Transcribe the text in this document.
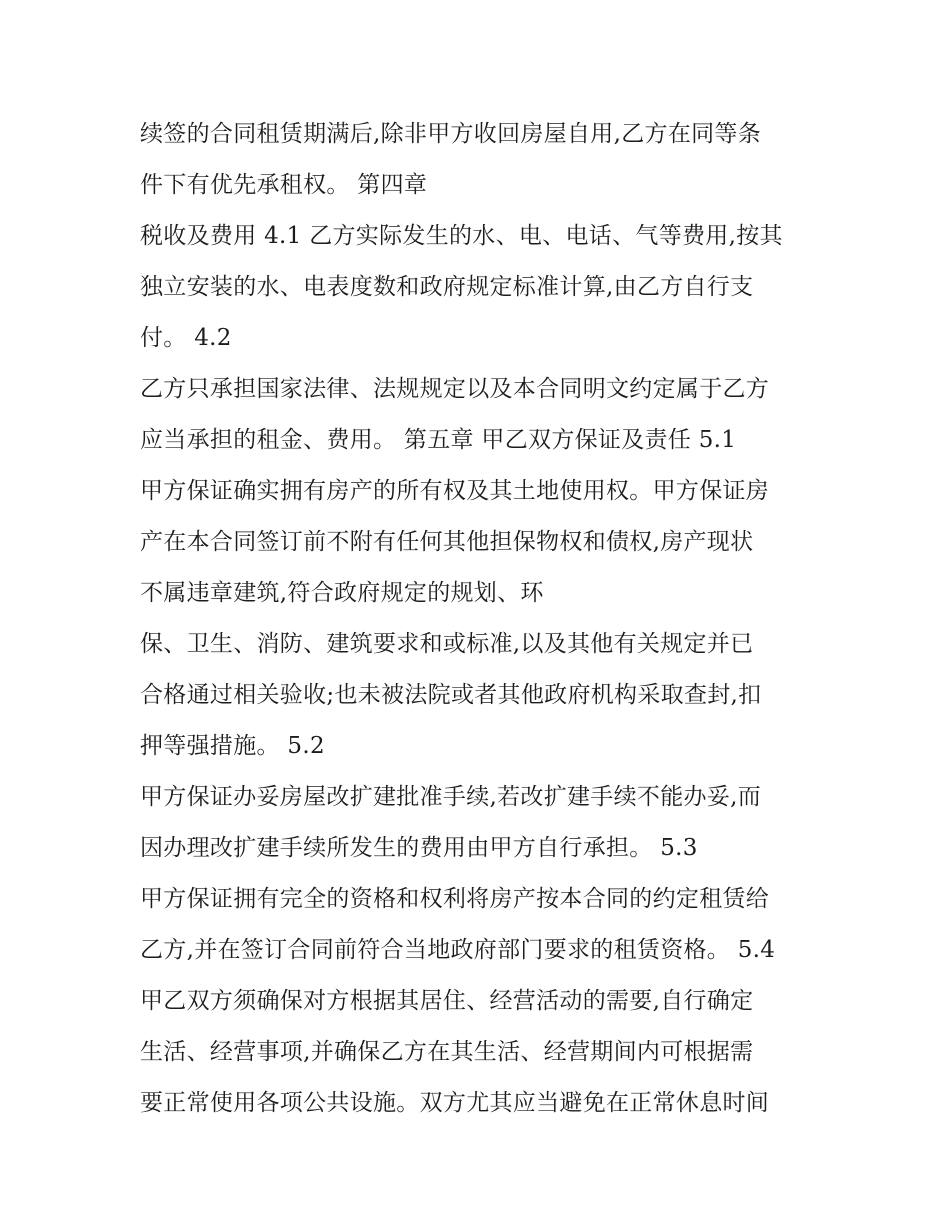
续签的合同租赁期满后,除非甲方收回房屋自用,乙方在同等条
件下有优先承租权。 第四章
税收及费用 4.1 乙方实际发生的水、电、电话、气等费用,按其
独立安装的水、电表度数和政府规定标准计算,由乙方自行支
付。 4.2
乙方只承担国家法律、法规规定以及本合同明文约定属于乙方
应当承担的租金、费用。 第五章 甲乙双方保证及责任 5.1
甲方保证确实拥有房产的所有权及其土地使用权。甲方保证房
产在本合同签订前不附有任何其他担保物权和债权,房产现状
不属违章建筑,符合政府规定的规划、环
保、卫生、消防、建筑要求和或标准,以及其他有关规定并已
合格通过相关验收;也未被法院或者其他政府机构采取查封,扣
押等强措施。 5.2
甲方保证办妥房屋改扩建批准手续,若改扩建手续不能办妥,而
因办理改扩建手续所发生的费用由甲方自行承担。 5.3
甲方保证拥有完全的资格和权利将房产按本合同的约定租赁给
乙方,并在签订合同前符合当地政府部门要求的租赁资格。 5.4
甲乙双方须确保对方根据其居住、经营活动的需要,自行确定
生活、经营事项,并确保乙方在其生活、经营期间内可根据需
要正常使用各项公共设施。双方尤其应当避免在正常休息时间
